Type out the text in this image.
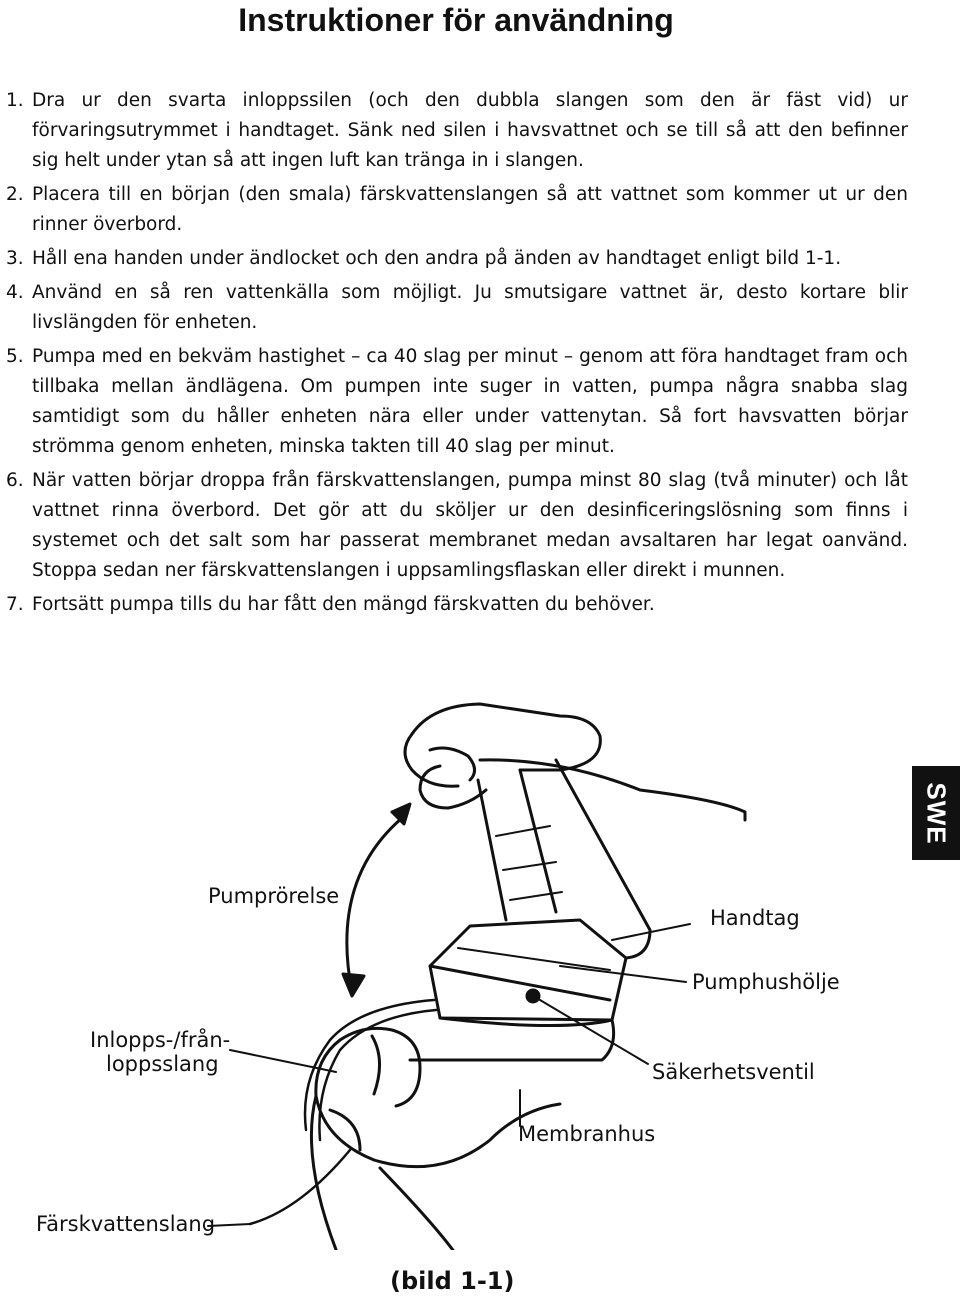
Instruktioner för användning

1. Dra ur den svarta inloppssilen (och den dubbla slangen som den är fäst vid) ur förvaringsutrymmet i handtaget. Sänk ned silen i havsvattnet och se till så att den befinner sig helt under ytan så att ingen luft kan tränga in i slangen.

2. Placera till en början (den smala) färskvattenslangen så att vattnet som kommer ut ur den rinner överbord.

3. Håll ena handen under ändlocket och den andra på änden av handtaget enligt bild 1-1.

4. Använd en så ren vattenkälla som möjligt. Ju smutsigare vattnet är, desto kortare blir livslängden för enheten.

5. Pumpa med en bekväm hastighet – ca 40 slag per minut – genom att föra handtaget fram och tillbaka mellan ändlägena. Om pumpen inte suger in vatten, pumpa några snabba slag samtidigt som du håller enheten nära eller under vattenytan. Så fort havsvatten börjar strömma genom enheten, minska takten till 40 slag per minut.

6. När vatten börjar droppa från färskvattenslangen, pumpa minst 80 slag (två minuter) och låt vattnet rinna överbord. Det gör att du sköljer ur den desinficeringslösning som finns i systemet och det salt som har passerat membranet medan avsaltaren har legat oanvänd. Stoppa sedan ner färskvattenslangen i uppsamlingsflaskan eller direkt i munnen.

7. Fortsätt pumpa tills du har fått den mängd färskvatten du behöver.

SWE
Pumprörelse
Handtag
Pumphushölje
Inlopps-/från-
loppsslang	Säkerhetsventil
Membranhus
Färskvattenslang
(bild 1-1)
